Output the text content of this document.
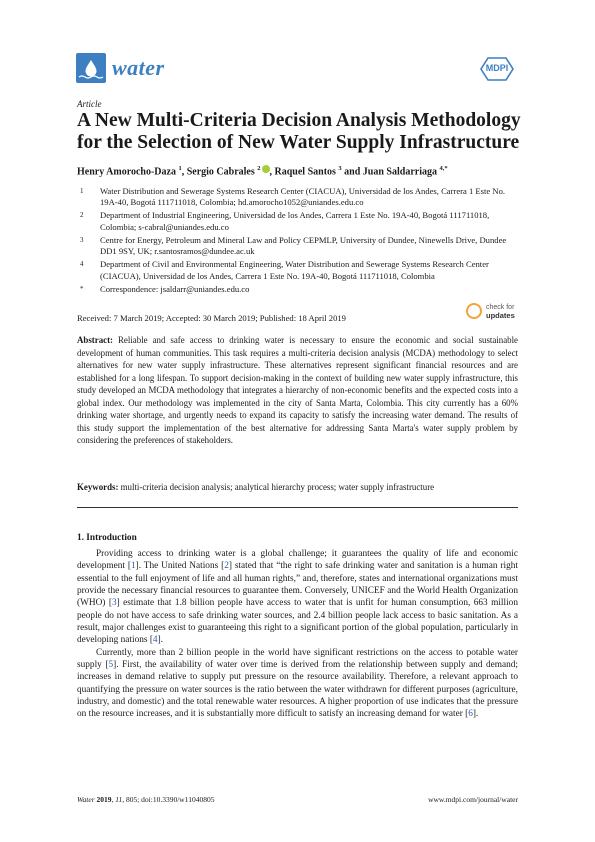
water	MDPI
Article
A New Multi-Criteria Decision Analysis Methodology for the Selection of New Water Supply Infrastructure
Henry Amorocho-Daza $^1$, Sergio Cabrales $^2$ , Raquel Santos $^3$ and Juan Saldarriaga $^{4,*}$
1	Water Distribution and Sewerage Systems Research Center (CIACUA), Universidad de los Andes, Carrera 1 Este No. 19A-40, Bogotá 111711018, Colombia; hd.amorocho1052@uniandes.edu.co
2	Department of Industrial Engineering, Universidad de los Andes, Carrera 1 Este No. 19A-40, Bogotá 111711018, Colombia; s-cabral@uniandes.edu.co
3	Centre for Energy, Petroleum and Mineral Law and Policy CEPMLP, University of Dundee, Ninewells Drive, Dundee DD1 9SY, UK; r.santosramos@dundee.ac.uk
4	Department of Civil and Environmental Engineering, Water Distribution and Sewerage Systems Research Center (CIACUA), Universidad de los Andes, Carrera 1 Este No. 19A-40, Bogotá 111711018, Colombia
*	Correspondence: jsaldarr@uniandes.edu.co
check for
updates
Received: 7 March 2019; Accepted: 30 March 2019; Published: 18 April 2019
Abstract: Reliable and safe access to drinking water is necessary to ensure the economic and social sustainable development of human communities. This task requires a multi-criteria decision analysis (MCDA) methodology to select alternatives for new water supply infrastructure. These alternatives represent significant financial resources and are established for a long lifespan. To support decision-making in the context of building new water supply infrastructure, this study developed an MCDA methodology that integrates a hierarchy of non-economic benefits and the expected costs into a global index. Our methodology was implemented in the city of Santa Marta, Colombia. This city currently has a 60% drinking water shortage, and urgently needs to expand its capacity to satisfy the increasing water demand. The results of this study support the implementation of the best alternative for addressing Santa Marta's water supply problem by considering the preferences of stakeholders.
Keywords: multi-criteria decision analysis; analytical hierarchy process; water supply infrastructure
1. Introduction

Providing access to drinking water is a global challenge; it guarantees the quality of life and economic development [1]. The United Nations [2] stated that “the right to safe drinking water and sanitation is a human right essential to the full enjoyment of life and all human rights,” and, therefore, states and international organizations must provide the necessary financial resources to guarantee them. Conversely, UNICEF and the World Health Organization (WHO) [3] estimate that 1.8 billion people have access to water that is unfit for human consumption, 663 million people do not have access to safe drinking water sources, and 2.4 billion people lack access to basic sanitation. As a result, major challenges exist to guaranteeing this right to a significant portion of the global population, particularly in developing nations [4].

Currently, more than 2 billion people in the world have significant restrictions on the access to potable water supply [5]. First, the availability of water over time is derived from the relationship between supply and demand; increases in demand relative to supply put pressure on the resource availability. Therefore, a relevant approach to quantifying the pressure on water sources is the ratio between the water withdrawn for different purposes (agriculture, industry, and domestic) and the total renewable water resources. A higher proportion of use indicates that the pressure on the resource increases, and it is substantially more difficult to satisfy an increasing demand for water [6].

Water 2019, 11, 805; doi:10.3390/w11040805	www.mdpi.com/journal/water
